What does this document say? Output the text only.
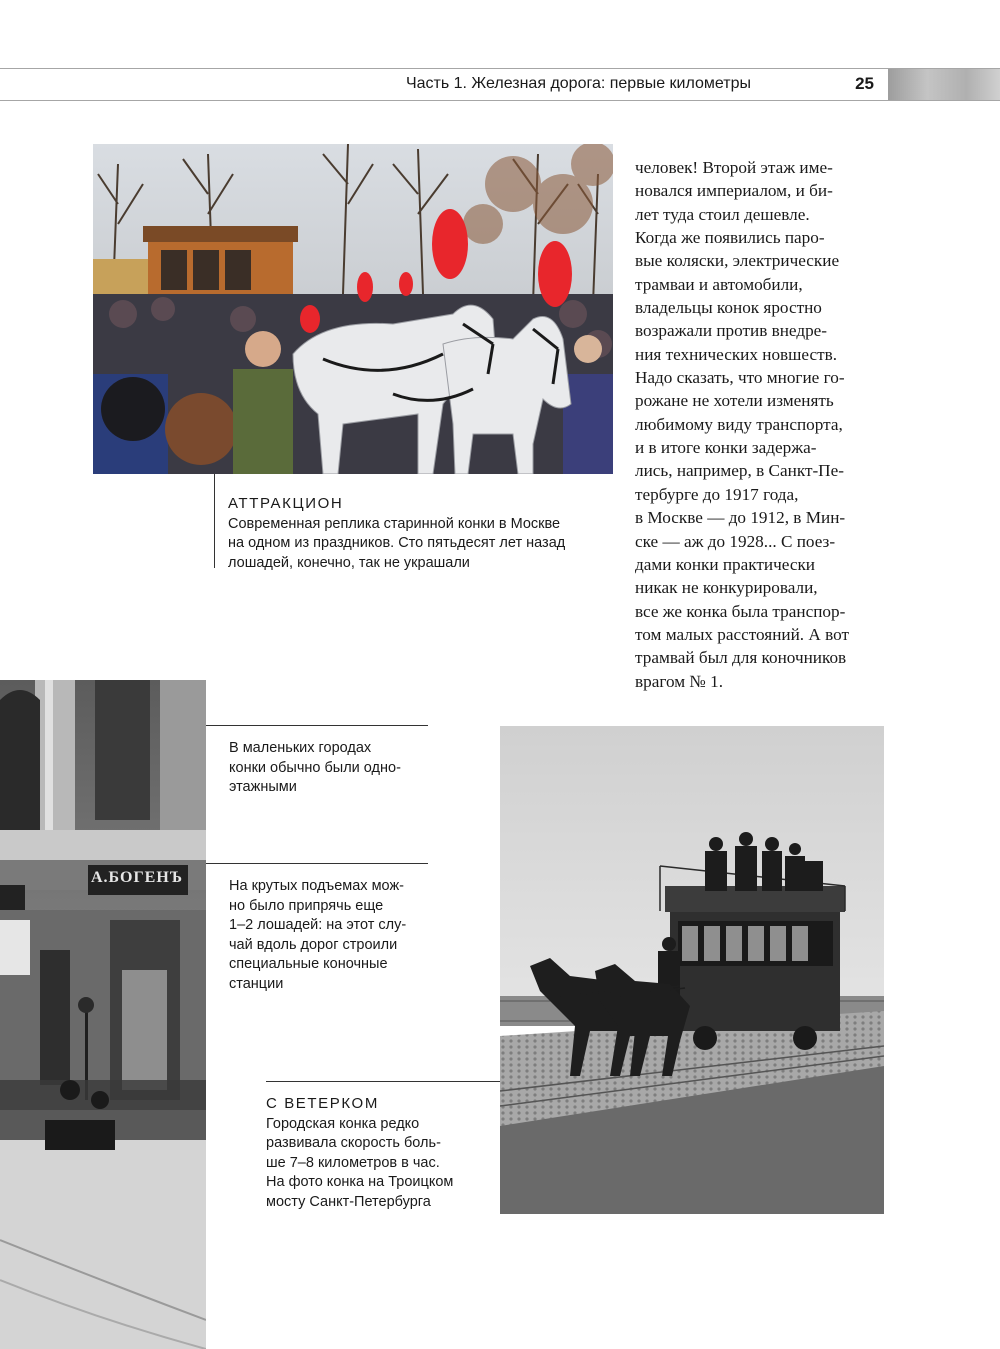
Часть 1. Железная дорога: первые километры	25
АТТРАКЦИОН
Современная реплика старинной конки в Москве
на одном из праздников. Сто пятьдесят лет назад
лошадей, конечно, так не украшали
человек! Второй этаж име-
новался империалом, и би-
лет туда стоил дешевле.
Когда же появились паро-
вые коляски, электрические
трамваи и автомобили,
владельцы конок яростно
возражали против внедре-
ния технических новшеств.
Надо сказать, что многие го-
рожане не хотели изменять
любимому виду транспорта,
и в итоге конки задержа-
лись, например, в Санкт-Пе-
тербурге до 1917 года,
в Москве — до 1912, в Мин-
ске — аж до 1928... С поез-
дами конки практически
никак не конкурировали,
все же конка была транспор-
том малых расстояний. А вот
трамвай был для коночников
врагом № 1.
А.БОГЕНЪ
В маленьких городах
конки обычно были одно-
этажными
На крутых подъемах мож-
но было припрячь еще
1–2 лошадей: на этот слу-
чай вдоль дорог строили
специальные коночные
станции
С ВЕТЕРКОМ
Городская конка редко
развивала скорость боль-
ше 7–8 километров в час.
На фото конка на Троицком
мосту Санкт-Петербурга
